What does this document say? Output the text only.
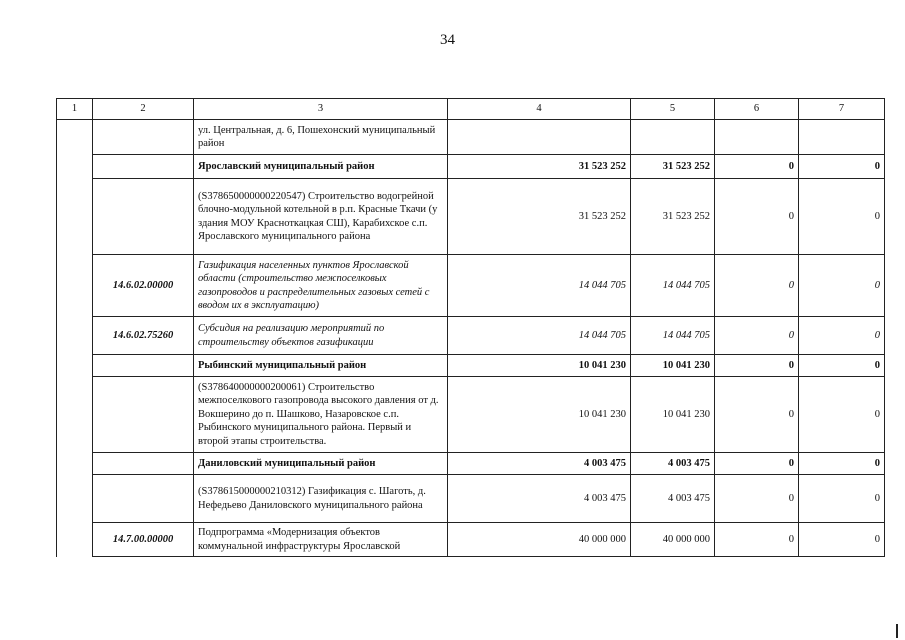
34
1	2	3	4	5	6	7
		ул. Центральная, д. 6, Пошехонский муниципальный район				
		Ярославский муниципальный район	31 523 252	31 523 252	0	0
		(S378650000000220547) Строительство водогрейной блочно-модульной котельной в р.п. Красные Ткачи (у здания МОУ Красноткацкая СШ), Карабихское с.п. Ярославского муниципального района	31 523 252	31 523 252	0	0
	14.6.02.00000	Газификация населенных пунктов Ярославской области (строительство межпоселковых газопроводов и распределительных газовых сетей с вводом их в эксплуатацию)	14 044 705	14 044 705	0	0
	14.6.02.75260	Субсидия на реализацию мероприятий по строительству объектов газификации	14 044 705	14 044 705	0	0
		Рыбинский муниципальный район	10 041 230	10 041 230	0	0
		(S378640000000200061) Строительство межпоселкового газопровода высокого давления от д. Вокшерино до п. Шашково, Назаровское с.п. Рыбинского муниципального района. Первый и второй этапы строительства.	10 041 230	10 041 230	0	0
		Даниловский муниципальный район	4 003 475	4 003 475	0	0
		(S378615000000210312) Газификация с. Шаготь, д. Нефедьево Даниловского муниципального района	4 003 475	4 003 475	0	0
	14.7.00.00000	Подпрограмма «Модернизация объектов коммунальной инфраструктуры Ярославской	40 000 000	40 000 000	0	0
